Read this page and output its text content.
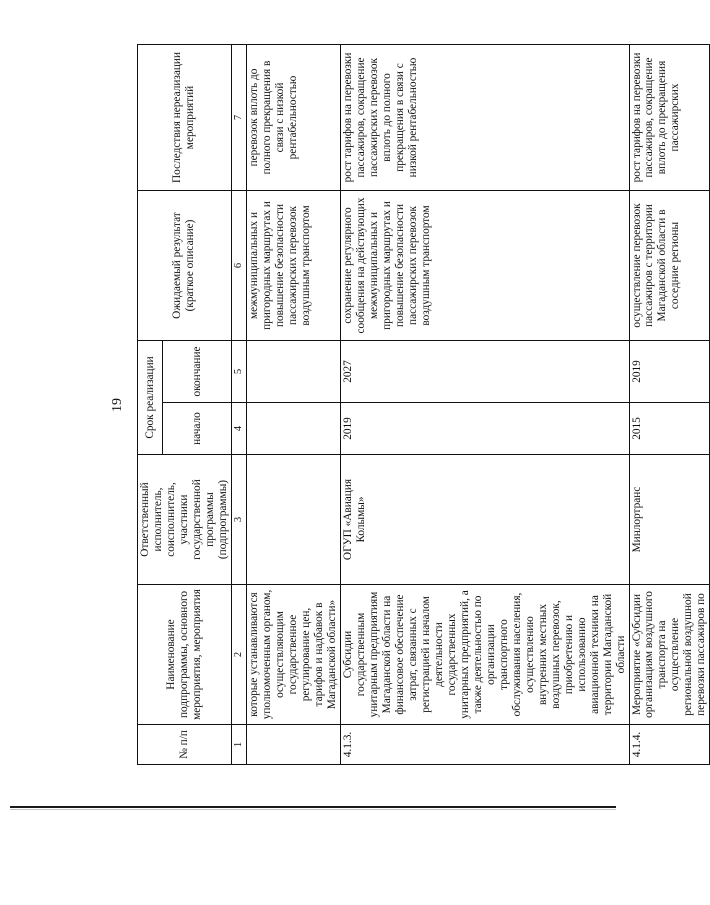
19
№ п/п	Наименование подпрограммы, основного мероприятия, мероприятия	Ответственный исполнитель, соисполнитель, участники государственной программы (подпрограммы)	Срок реализации		Ожидаемый результат (краткое описание)	Последствия нереализации мероприятий
			начало	окончание		
1	2	3	4	5	6	7
	которые устанавливаются уполномоченным органом, осуществляющим государственное регулирование цен, тарифов и надбавок в Магаданской области»				межмуниципальных и пригородных маршрутах и повышение безопасности пассажирских перевозок воздушным транспортом	перевозок вплоть до полного прекращения в связи с низкой рентабельностью
4.1.3.	Субсидии государственным унитарным предприятиям Магаданской области на финансовое обеспечение затрат, связанных с регистрацией и началом деятельности государственных унитарных предприятий, а также деятельностью по организации транспортного обслуживания населения, осуществлению внутренних местных воздушных перевозок, приобретению и использованию авиационной техники на территории Магаданской области	ОГУП «Авиация Колымы»	2019	2027	сохранение регулярного сообщения на действующих межмуниципальных и пригородных маршрутах и повышение безопасности пассажирских перевозок воздушным транспортом	рост тарифов на перевозки пассажиров, сокращение пассажирских перевозок вплоть до полного прекращения в связи с низкой рентабельностью
4.1.4.	Мероприятие «Субсидии организациям воздушного транспорта на осуществление региональной воздушной перевозки пассажиров по	Минлортранс	2015	2019	осуществление перевозок пассажиров с территории Магаданской области в соседние регионы	рост тарифов на перевозки пассажиров, сокращение вплоть до прекращения пассажирских
